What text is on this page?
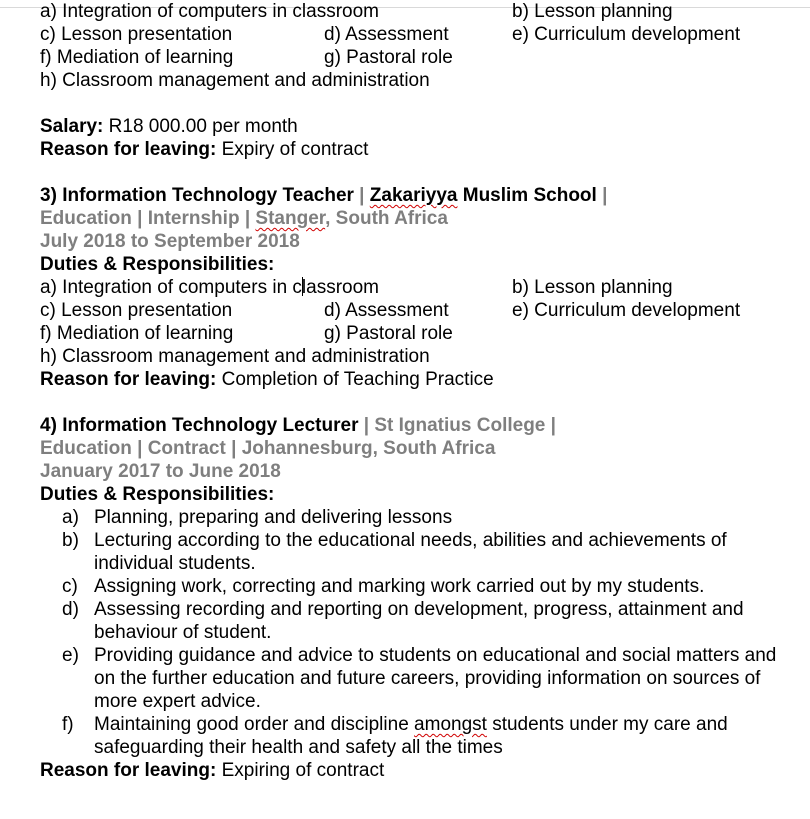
a) Integration of computers in classroom	b) Lesson planning
c) Lesson presentation	d) Assessment	e) Curriculum development
f) Mediation of learning	g) Pastoral role
h) Classroom management and administration
Salary: R18 000.00 per month
Reason for leaving: Expiry of contract
3) Information Technology Teacher | Zakariyya Muslim School |
Education | Internship | Stanger, South Africa
July 2018 to September 2018
Duties & Responsibilities:
a) Integration of computers in classroom	b) Lesson planning
c) Lesson presentation	d) Assessment	e) Curriculum development
f) Mediation of learning	g) Pastoral role
h) Classroom management and administration
Reason for leaving: Completion of Teaching Practice
4) Information Technology Lecturer | St Ignatius College |
Education | Contract | Johannesburg, South Africa
January 2017 to June 2018
Duties & Responsibilities:
a) Planning, preparing and delivering lessons
b) Lecturing according to the educational needs, abilities and achievements of individual students.
c) Assigning work, correcting and marking work carried out by my students.
d) Assessing recording and reporting on development, progress, attainment and behaviour of student.
e) Providing guidance and advice to students on educational and social matters and on the further education and future careers, providing information on sources of more expert advice.
f) Maintaining good order and discipline amongst students under my care and safeguarding their health and safety all the times
Reason for leaving: Expiring of contract
